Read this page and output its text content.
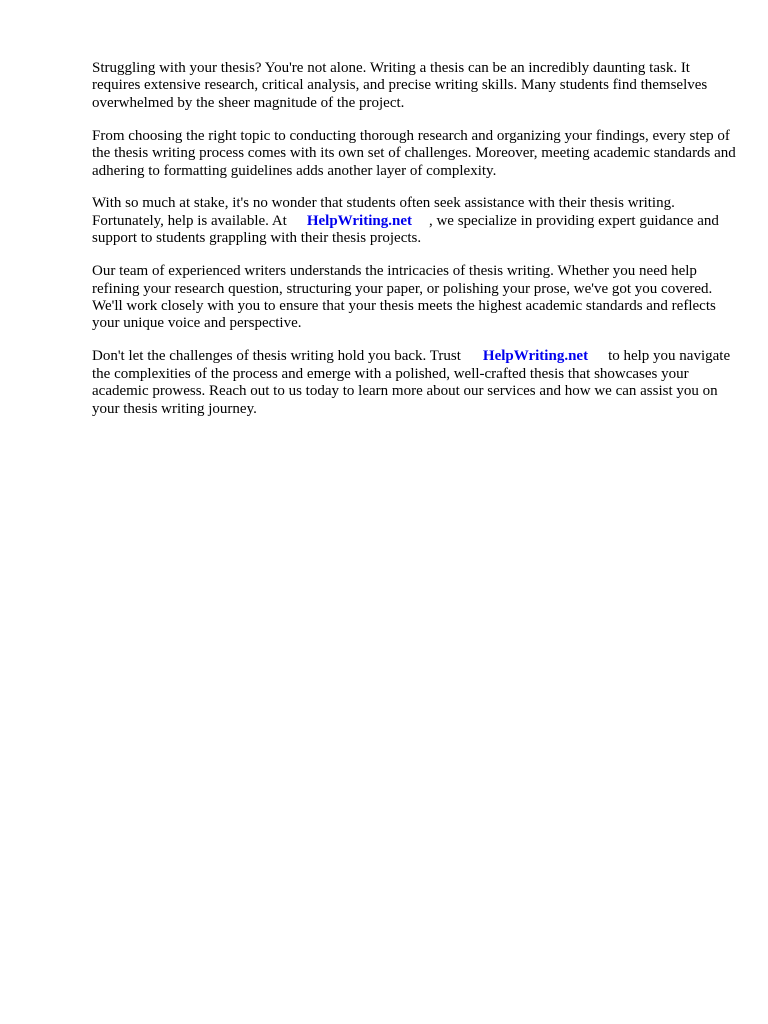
Struggling with your thesis? You're not alone. Writing a thesis can be an incredibly daunting task. It requires extensive research, critical analysis, and precise writing skills. Many students find themselves overwhelmed by the sheer magnitude of the project.

From choosing the right topic to conducting thorough research and organizing your findings, every step of the thesis writing process comes with its own set of challenges. Moreover, meeting academic standards and adhering to formatting guidelines adds another layer of complexity.

With so much at stake, it's no wonder that students often seek assistance with their thesis writing. Fortunately, help is available. At HelpWriting.net , we specialize in providing expert guidance and support to students grappling with their thesis projects.

Our team of experienced writers understands the intricacies of thesis writing. Whether you need help refining your research question, structuring your paper, or polishing your prose, we've got you covered. We'll work closely with you to ensure that your thesis meets the highest academic standards and reflects your unique voice and perspective.

Don't let the challenges of thesis writing hold you back. Trust HelpWriting.net to help you navigate the complexities of the process and emerge with a polished, well-crafted thesis that showcases your academic prowess. Reach out to us today to learn more about our services and how we can assist you on your thesis writing journey.
